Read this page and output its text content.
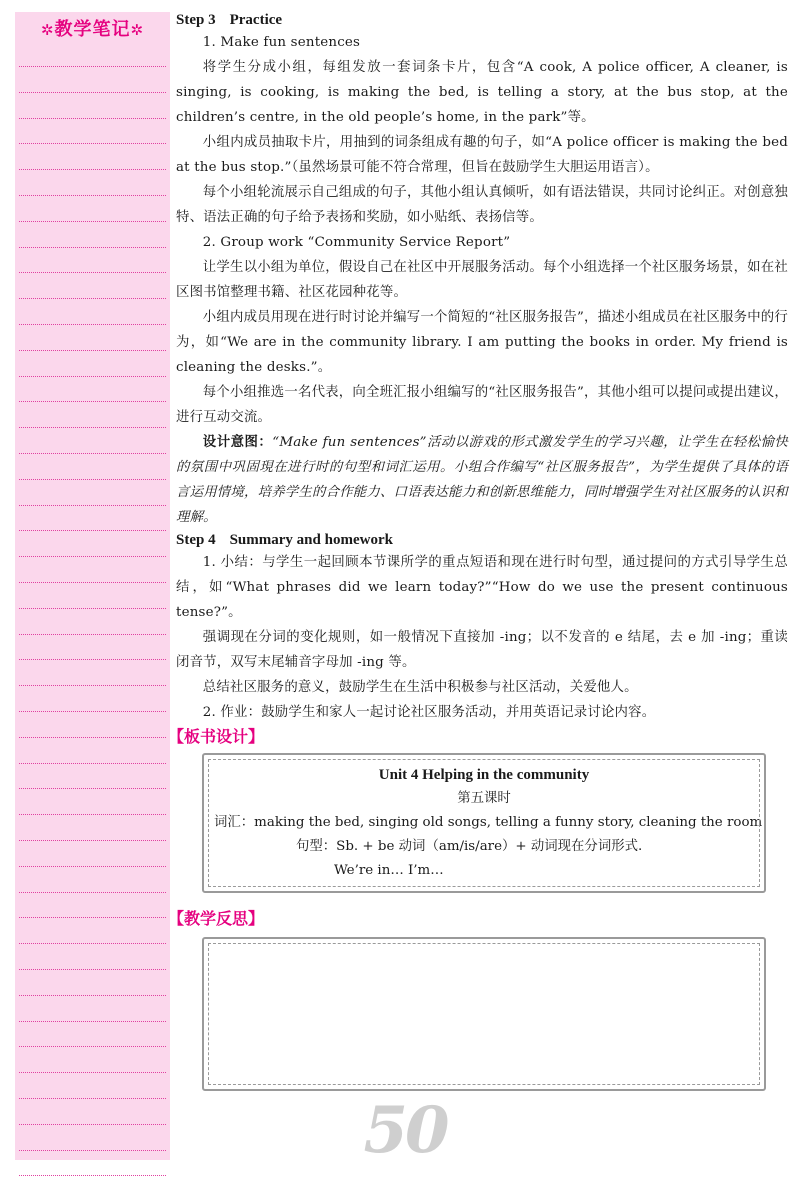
✲教学笔记✲
Step 3 Practice

1. Make fun sentences

将学生分成小组，每组发放一套词条卡片，包含“A cook, A police officer, A cleaner, is singing, is cooking, is making the bed, is telling a story, at the bus stop, at the children’s centre, in the old people’s home, in the park”等。

小组内成员抽取卡片，用抽到的词条组成有趣的句子，如“A police officer is making the bed at the bus stop.”（虽然场景可能不符合常理，但旨在鼓励学生大胆运用语言）。

每个小组轮流展示自己组成的句子，其他小组认真倾听，如有语法错误，共同讨论纠正。对创意独特、语法正确的句子给予表扬和奖励，如小贴纸、表扬信等。

2. Group work “Community Service Report”

让学生以小组为单位，假设自己在社区中开展服务活动。每个小组选择一个社区服务场景，如在社区图书馆整理书籍、社区花园种花等。

小组内成员用现在进行时讨论并编写一个简短的“社区服务报告”，描述小组成员在社区服务中的行为，如“We are in the community library. I am putting the books in order. My friend is cleaning the desks.”。

每个小组推选一名代表，向全班汇报小组编写的“社区服务报告”，其他小组可以提问或提出建议，进行互动交流。

设计意图：“Make fun sentences”活动以游戏的形式激发学生的学习兴趣，让学生在轻松愉快的氛围中巩固現在进行时的句型和词汇运用。小组合作编写“社区服务报告”，为学生提供了具体的语言运用情境，培养学生的合作能力、口语表达能力和创新思维能力，同时增强学生对社区服务的认识和理解。

Step 4 Summary and homework

1. 小结：与学生一起回顾本节课所学的重点短语和现在进行时句型，通过提问的方式引导学生总结，如“What phrases did we learn today?”“How do we use the present continuous tense?”。

强调现在分词的变化规则，如一般情况下直接加 -ing；以不发音的 e 结尾，去 e 加 -ing；重读闭音节，双写末尾辅音字母加 -ing 等。

总结社区服务的意义，鼓励学生在生活中积极参与社区活动，关爱他人。

2. 作业：鼓励学生和家人一起讨论社区服务活动，并用英语记录讨论内容。

【板书设计】
Unit 4 Helping in the community
第五课时
词汇：making the bed, singing old songs, telling a funny story, cleaning the room
句型：Sb. + be 动词（am/is/are）+ 动词现在分词形式.
We’re in… I’m…
【教学反思】
50
